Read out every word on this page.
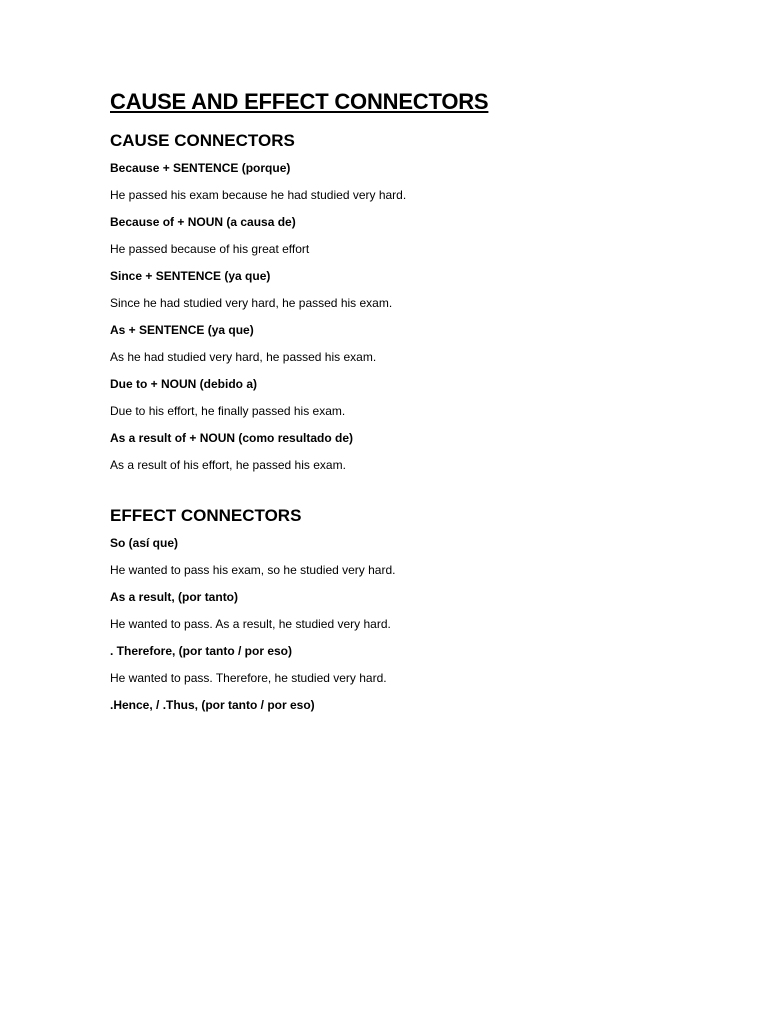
CAUSE AND EFFECT CONNECTORS
CAUSE CONNECTORS

Because + SENTENCE (porque)

He passed his exam because he had studied very hard.

Because of + NOUN (a causa de)

He passed because of his great effort

Since + SENTENCE (ya que)

Since he had studied very hard, he passed his exam.

As + SENTENCE (ya que)

As he had studied very hard, he passed his exam.

Due to + NOUN (debido a)

Due to his effort, he finally passed his exam.

As a result of + NOUN (como resultado de)

As a result of his effort, he passed his exam.

EFFECT CONNECTORS

So (así que)

He wanted to pass his exam, so he studied very hard.

As a result, (por tanto)

He wanted to pass. As a result, he studied very hard.

. Therefore, (por tanto / por eso)

He wanted to pass. Therefore, he studied very hard.

.Hence, / .Thus, (por tanto / por eso)
